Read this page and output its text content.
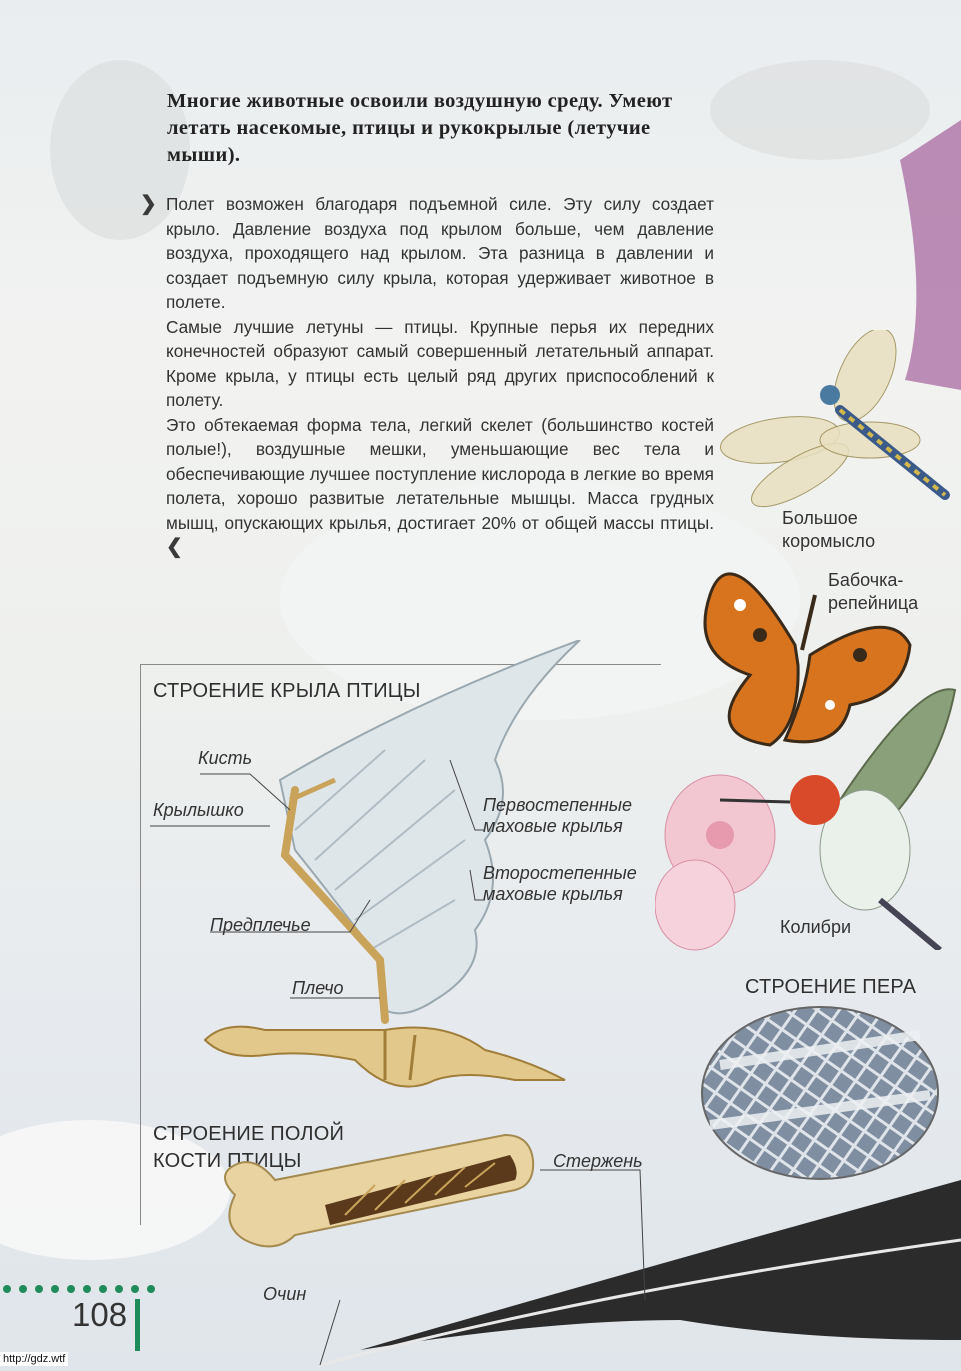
Многие животные освоили воздушную среду. Умеют летать насекомые, птицы и рукокрылые (летучие мыши).
❯ Полет возможен благодаря подъемной силе. Эту силу создает крыло. Давление воздуха под крылом больше, чем давление воздуха, проходящего над крылом. Эта разница в давлении и создает подъемную силу крыла, которая удерживает животное в полете.

Самые лучшие летуны — птицы. Крупные перья их передних конечностей образуют самый совершенный летательный аппарат. Кроме крыла, у птицы есть целый ряд других приспособлений к полету.

Это обтекаемая форма тела, легкий скелет (большинство костей полые!), воздушные мешки, уменьшающие вес тела и обеспечивающие лучшее поступление кислорода в легкие во время полета, хорошо развитые летательные мышцы. Масса грудных мышц, опускающих крылья, достигает 20% от общей массы птицы. ❮

Большое
коромысло
Бабочка-
репейница
Колибри
СТРОЕНИЕ КРЫЛА ПТИЦЫ
Кисть
Крылышко	Первостепенные
маховые крылья
Второстепенные
маховые крылья
Предплечье
Плечо
СТРОЕНИЕ ПОЛОЙ
КОСТИ ПТИЦЫ
СТРОЕНИЕ ПЕРА
Стержень
Очин
108
http://gdz.wtf
